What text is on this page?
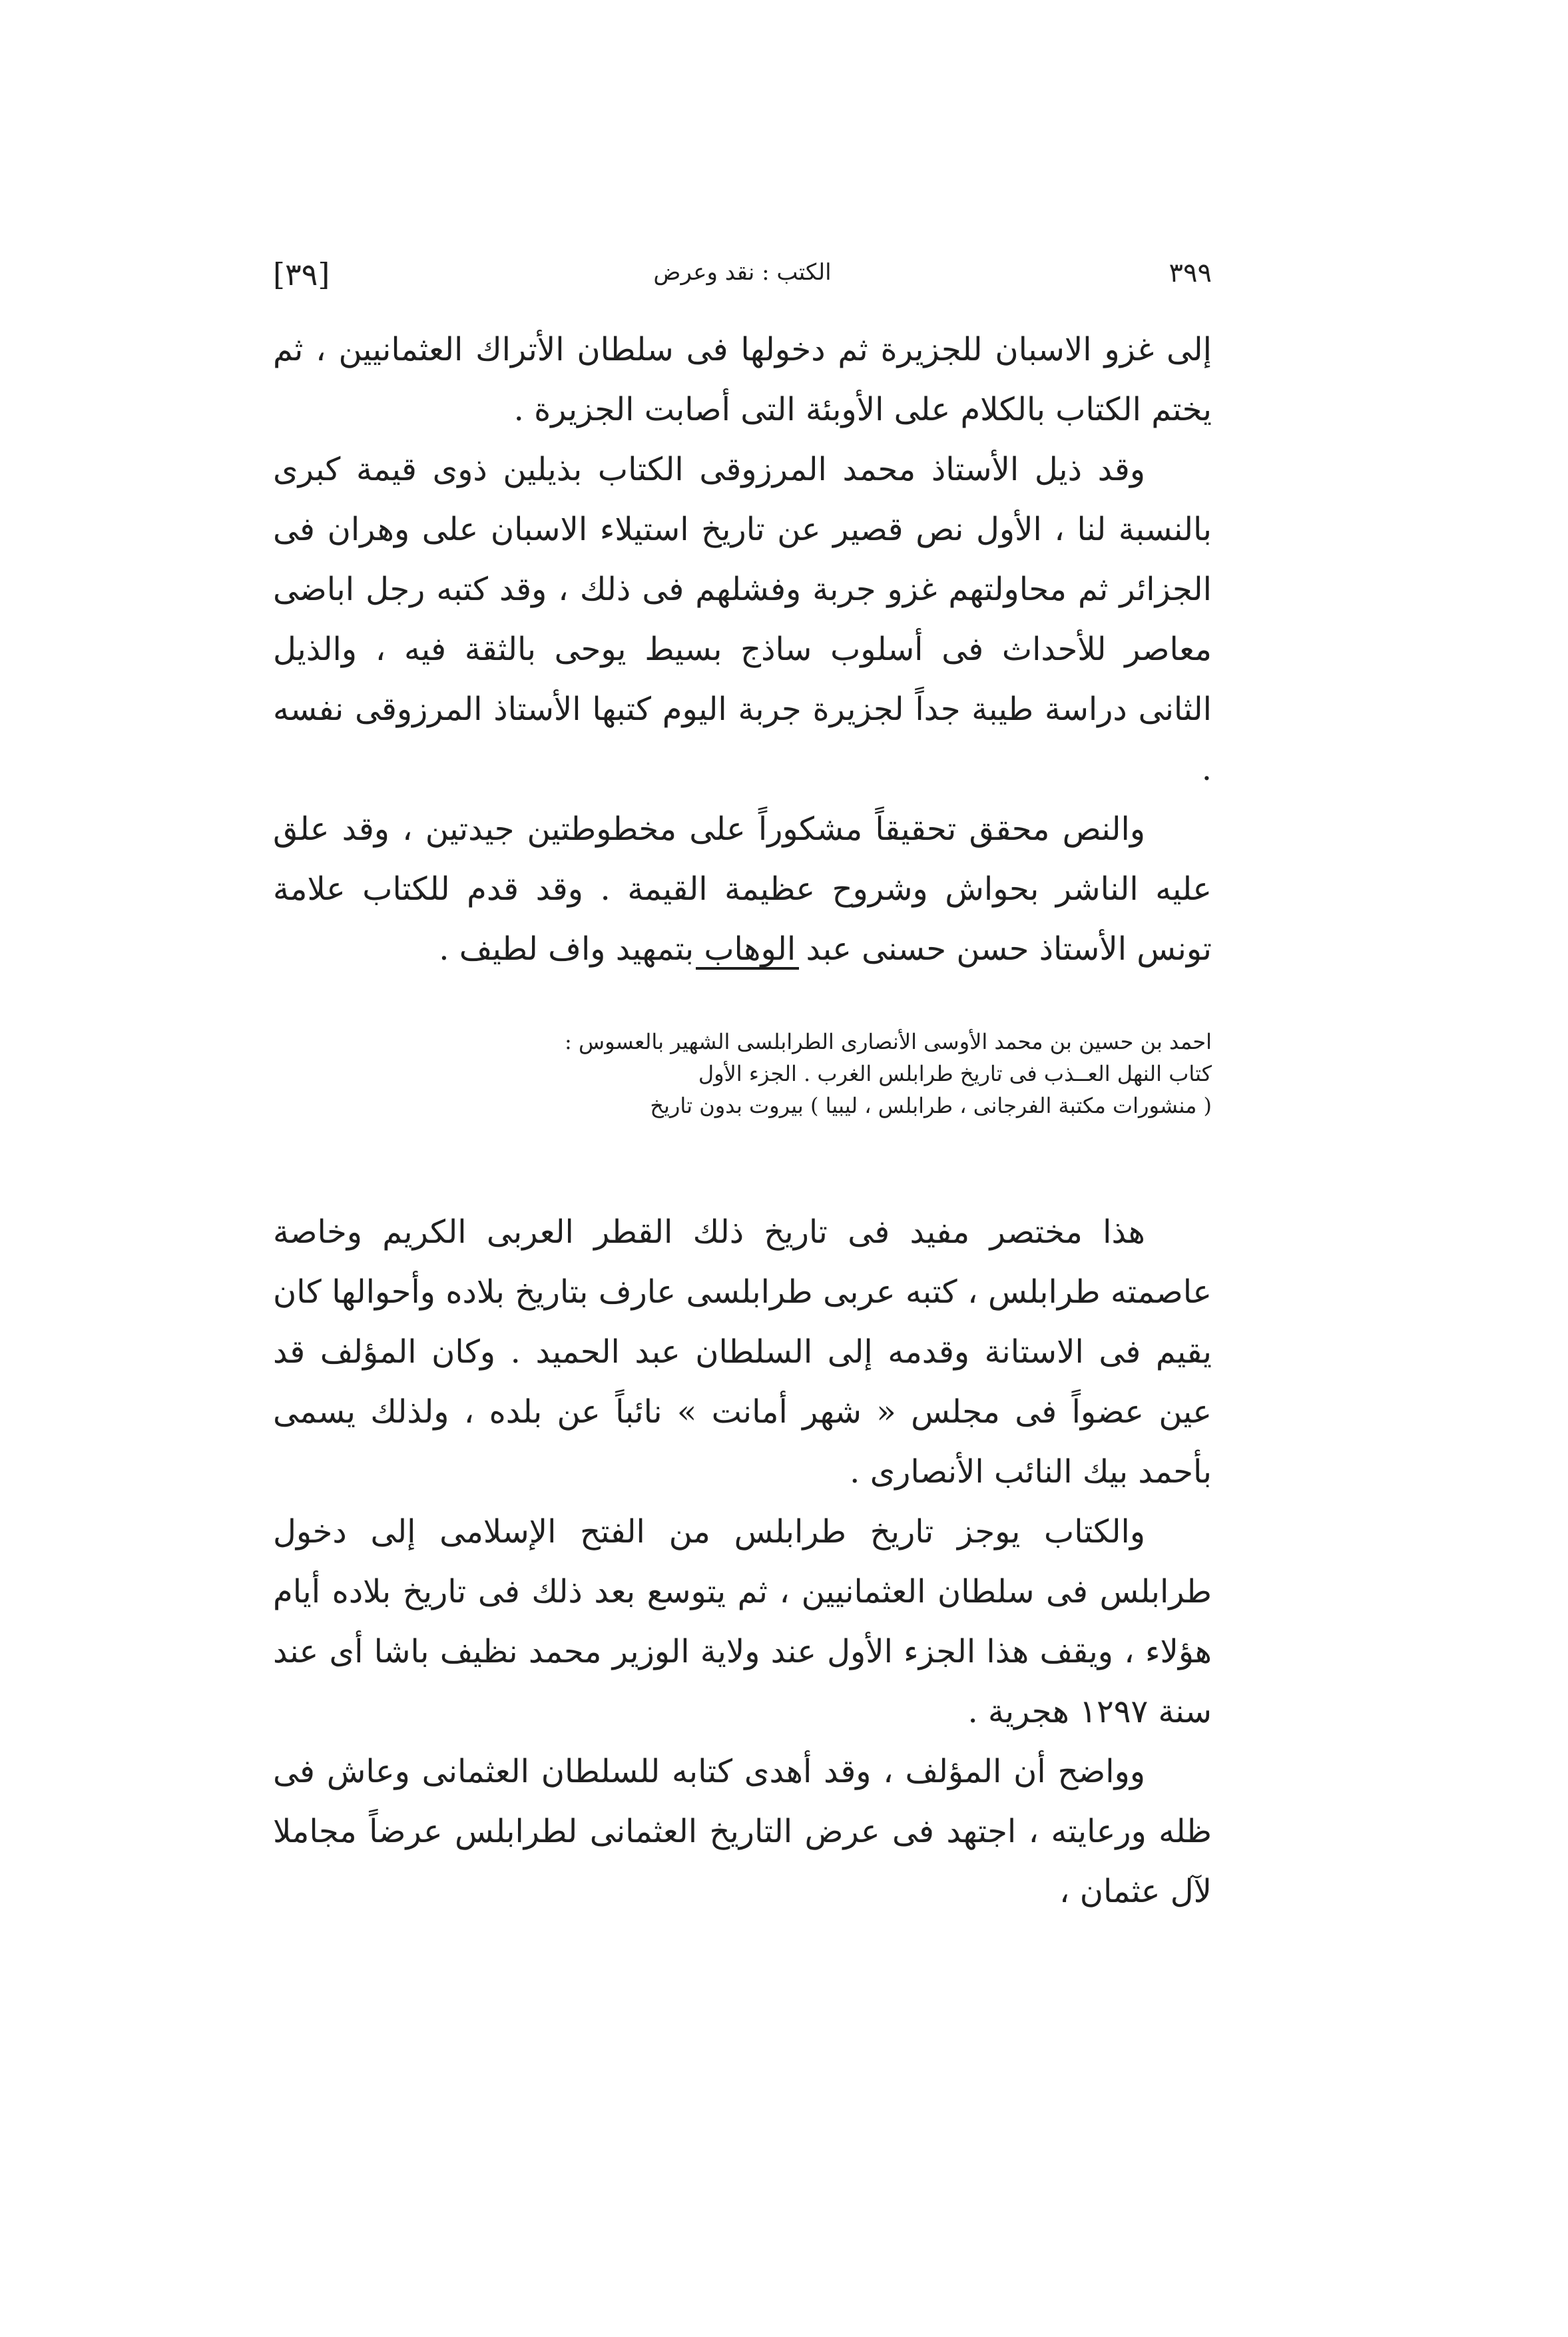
[٣٩]	الكتب : نقد وعرض	٣٩٩

إلى غزو الاسبان للجزيرة ثم دخولها فى سلطان الأتراك العثمانيين ، ثم يختم الكتاب بالكلام على الأوبئة التى أصابت الجزيرة .

وقد ذيل الأستاذ محمد المرزوقى الكتاب بذيلين ذوى قيمة كبرى بالنسبة لنا ، الأول نص قصير عن تاريخ استيلاء الاسبان على وهران فى الجزائر ثم محاولتهم غزو جربة وفشلهم فى ذلك ، وقد كتبه رجل اباضى معاصر للأحداث فى أسلوب ساذج بسيط يوحى بالثقة فيه ، والذيل الثانى دراسة طيبة جداً لجزيرة جربة اليوم كتبها الأستاذ المرزوقى نفسه .

والنص محقق تحقيقاً مشكوراً على مخطوطتين جيدتين ، وقد علق عليه الناشر بحواش وشروح عظيمة القيمة . وقد قدم للكتاب علامة تونس الأستاذ حسن حسنى عبد الوهاب بتمهيد واف لطيف .

احمد بن حسين بن محمد الأوسى الأنصارى الطرابلسى الشهير بالعسوس :
كتاب النهل العــذب فى تاريخ طرابلس الغرب . الجزء الأول
( منشورات مكتبة الفرجانى ، طرابلس ، ليبيا ) بيروت بدون تاريخ

هذا مختصر مفيد فى تاريخ ذلك القطر العربى الكريم وخاصة عاصمته طرابلس ، كتبه عربى طرابلسى عارف بتاريخ بلاده وأحوالها كان يقيم فى الاستانة وقدمه إلى السلطان عبد الحميد . وكان المؤلف قد عين عضواً فى مجلس « شهر أمانت » نائباً عن بلده ، ولذلك يسمى بأحمد بيك النائب الأنصارى .

والكتاب يوجز تاريخ طرابلس من الفتح الإسلامى إلى دخول طرابلس فى سلطان العثمانيين ، ثم يتوسع بعد ذلك فى تاريخ بلاده أيام هؤلاء ، ويقف هذا الجزء الأول عند ولاية الوزير محمد نظيف باشا أى عند سنة ١٢٩٧ هجرية .

وواضح أن المؤلف ، وقد أهدى كتابه للسلطان العثمانى وعاش فى ظله ورعايته ، اجتهد فى عرض التاريخ العثمانى لطرابلس عرضاً مجاملا لآل عثمان ،
